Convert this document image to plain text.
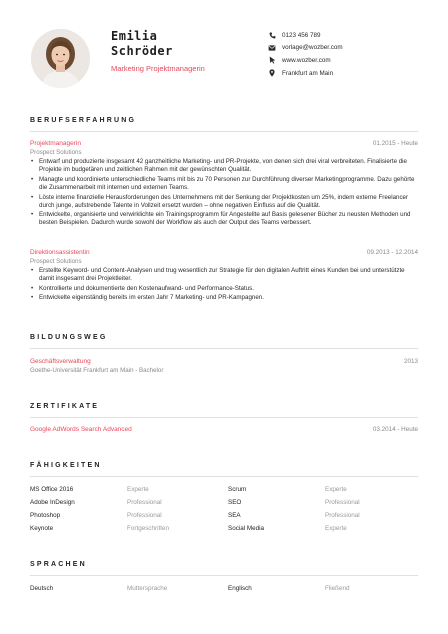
Emilia
Schröder
Marketing Projektmanagerin
0123 456 789
vorlage@wozber.com
www.wozber.com
Frankfurt am Main
BERUFSERFAHRUNG
Projektmanagerin	01.2015 - Heute
Prospect Solutions
• Entwarf und produzierte insgesamt 42 ganzheitliche Marketing- und PR-Projekte, von denen sich drei viral verbreiteten. Finalisierte die Projekte im budgetären und zeitlichen Rahmen mit der gewünschten Qualität.
• Managte und koordinierte unterschiedliche Teams mit bis zu 70 Personen zur Durchführung diverser Marketingprogramme. Dazu gehörte die Zusammenarbeit mit internen und externen Teams.
• Löste interne finanzielle Herausforderungen des Unternehmens mit der Senkung der Projektkosten um 25%, indem externe Freelancer durch junge, aufstrebende Talente in Vollzeit ersetzt wurden – ohne negativen Einfluss auf die Qualität.
• Entwickelte, organisierte und verwirklichte ein Trainingsprogramm für Angestellte auf Basis gelesener Bücher zu neusten Methoden und besten Beispielen. Dadurch wurde sowohl der Workflow als auch der Output des Teams verbessert.
Direktionsassistentin	09.2013 - 12.2014
Prospect Solutions
• Erstellte Keyword- und Content-Analysen und trug wesentlich zur Strategie für den digitalen Auftritt eines Kunden bei und unterstützte damit insgesamt drei Projektleiter.
• Kontrollierte und dokumentierte den Kostenaufwand- und Performance-Status.
• Entwickelte eigenständig bereits im ersten Jahr 7 Marketing- und PR-Kampagnen.
BILDUNGSWEG
Geschäftsverwaltung	2013
Goethe-Universität Frankfurt am Main - Bachelor
ZERTIFIKATE
Google AdWords Search Advanced	03.2014 - Heute
FÄHIGKEITEN
MS Office 2016	Experte	Scrum	Experte
Adobe InDesign	Professional	SEO	Professional
Photoshop	Professional	SEA	Professional
Keynote	Fortgeschritten	Social Media	Experte
SPRACHEN
Deutsch	Muttersprache	Englisch	Fließend
